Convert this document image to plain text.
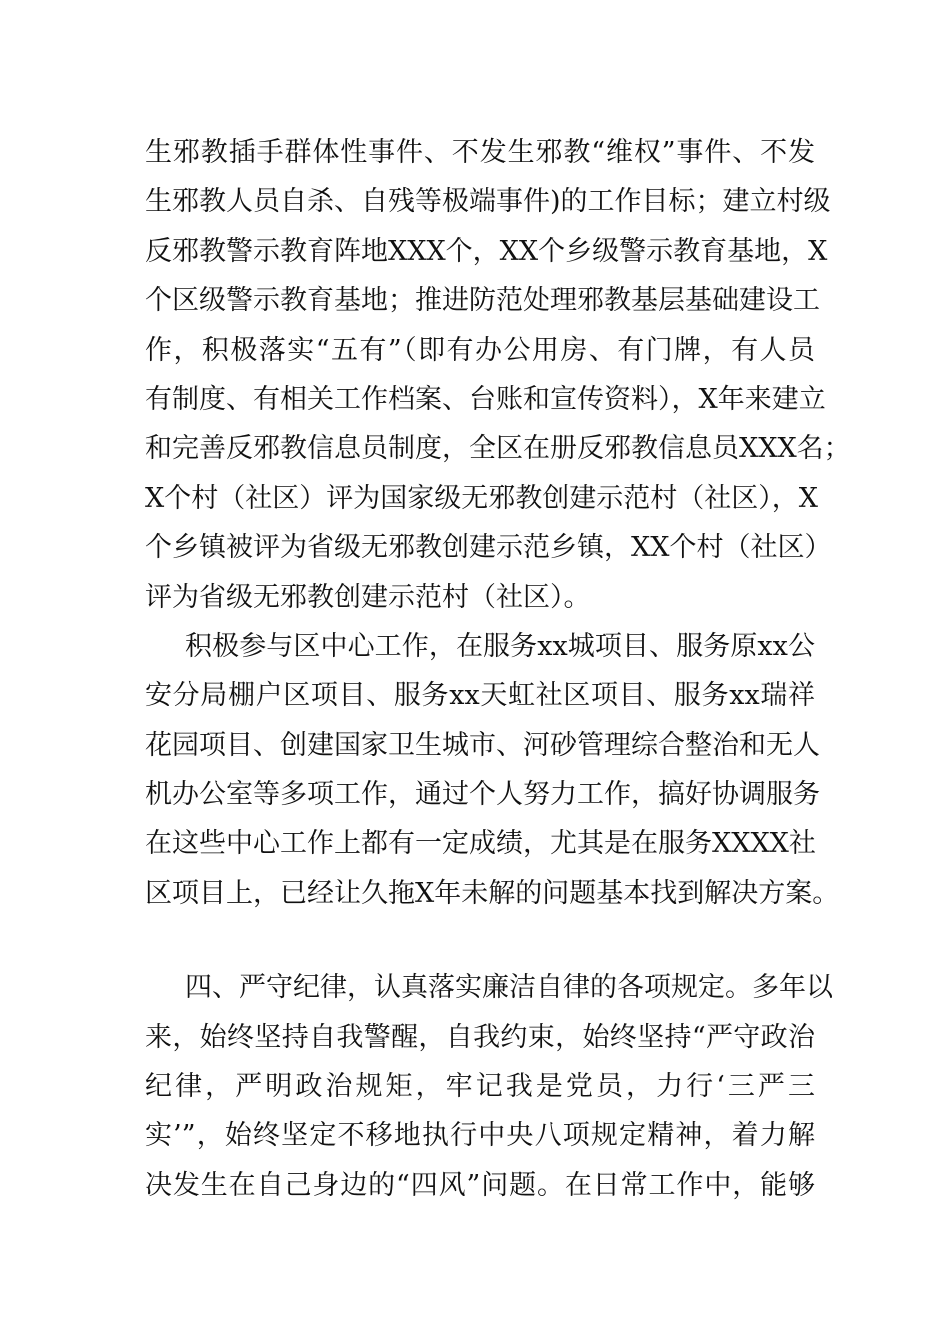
生邪教插手群体性事件、不发生邪教“维权”事件、不发
生邪教人员自杀、自残等极端事件)的工作目标；建立村级
反邪教警示教育阵地XXX个，XX个乡级警示教育基地，X
个区级警示教育基地；推进防范处理邪教基层基础建设工
作，积极落实“五有”（即有办公用房、有门牌，有人员
有制度、有相关工作档案、台账和宣传资料），X年来建立
和完善反邪教信息员制度，全区在册反邪教信息员XXX名；
X个村（社区）评为国家级无邪教创建示范村（社区），X
个乡镇被评为省级无邪教创建示范乡镇，XX个村（社区）
评为省级无邪教创建示范村（社区）。
积极参与区中心工作，在服务xx城项目、服务原xx公
安分局棚户区项目、服务xx天虹社区项目、服务xx瑞祥
花园项目、创建国家卫生城市、河砂管理综合整治和无人
机办公室等多项工作，通过个人努力工作，搞好协调服务
在这些中心工作上都有一定成绩，尤其是在服务XXXX社
区项目上，已经让久拖X年未解的问题基本找到解决方案。
四、严守纪律，认真落实廉洁自律的各项规定。多年以
来，始终坚持自我警醒，自我约束，始终坚持“严守政治
纪律，严明政治规矩，牢记我是党员，力行‘三严三
实’”，始终坚定不移地执行中央八项规定精神，着力解
决发生在自己身边的“四风”问题。在日常工作中，能够
